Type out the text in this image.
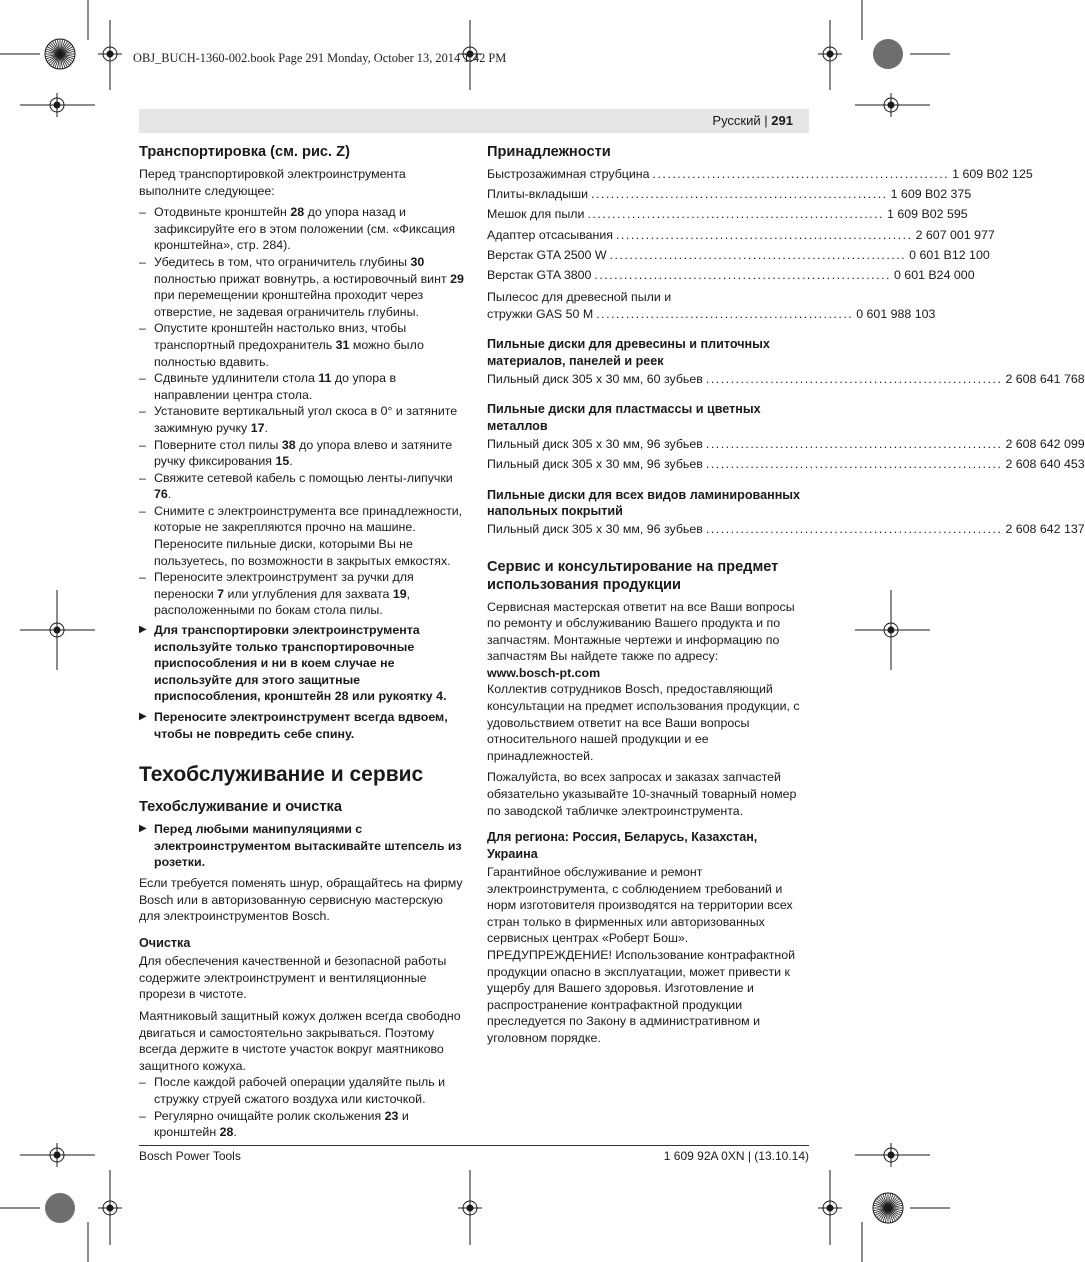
OBJ_BUCH-1360-002.book Page 291 Monday, October 13, 2014 1:42 PM
Русский | 291
Транспортировка (см. рис. Z)

Перед транспортировкой электроинструмента выполните следующее:

– Отодвиньте кронштейн 28 до упора назад и зафиксируйте его в этом положении (см. «Фиксация кронштейна», стр. 284).

– Убедитесь в том, что ограничитель глубины 30 полностью прижат вовнутрь, а юстировочный винт 29 при перемещении кронштейна проходит через отверстие, не задевая ограничитель глубины.

– Опустите кронштейн настолько вниз, чтобы транспортный предохранитель 31 можно было полностью вдавить.

– Сдвиньте удлинители стола 11 до упора в направлении центра стола.

– Установите вертикальный угол скоса в 0° и затяните зажимную ручку 17.

– Поверните стол пилы 38 до упора влево и затяните ручку фиксирования 15.

– Свяжите сетевой кабель с помощью ленты-липучки 76.

– Снимите с электроинструмента все принадлежности, которые не закрепляются прочно на машине.
Переносите пильные диски, которыми Вы не пользуетесь, по возможности в закрытых емкостях.

– Переносите электроинструмент за ручки для переноски 7 или углубления для захвата 19, расположенными по бокам стола пилы.

▶ Для транспортировки электроинструмента используйте только транспортировочные приспособления и ни в коем случае не используйте для этого защитные приспособления, кронштейн 28 или рукоятку 4.

▶ Переносите электроинструмент всегда вдвоем, чтобы не повредить себе спину.

Техобслуживание и сервис
Техобслуживание и очистка

▶ Перед любыми манипуляциями с электроинструментом вытаскивайте штепсель из розетки.

Если требуется поменять шнур, обращайтесь на фирму Bosch или в авторизованную сервисную мастерскую для электроинструментов Bosch.

Очистка

Для обеспечения качественной и безопасной работы содержите электроинструмент и вентиляционные прорези в чистоте.

Маятниковый защитный кожух должен всегда свободно двигаться и самостоятельно закрываться. Поэтому всегда держите в чистоте участок вокруг маятниково защитного кожуха.

– После каждой рабочей операции удаляйте пыль и стружку струей сжатого воздуха или кисточкой.

– Регулярно очищайте ролик скольжения 23 и кронштейн 28.

Принадлежности
Быстрозажимная струбцина ............................................................ 1 609 B02 125
Плиты-вкладыши ............................................................ 1 609 B02 375
Мешок для пыли ............................................................ 1 609 B02 595
Адаптер отсасывания ............................................................ 2 607 001 977
Верстак GTA 2500 W ............................................................ 0 601 B12 100
Верстак GTA 3800 ............................................................ 0 601 B24 000
Пылесос для древесной пыли и
стружки GAS 50 M .................................................... 0 601 988 103
Пильные диски для древесины и плиточных материалов, панелей и реек
Пильный диск 305 x 30 мм, 60 зубьев ............................................................ 2 608 641 768
Пильные диски для пластмассы и цветных металлов
Пильный диск 305 x 30 мм, 96 зубьев ............................................................ 2 608 642 099
Пильный диск 305 x 30 мм, 96 зубьев ............................................................ 2 608 640 453
Пильные диски для всех видов ламинированных напольных покрытий
Пильный диск 305 x 30 мм, 96 зубьев ............................................................ 2 608 642 137
Сервис и консультирование на предмет использования продукции

Сервисная мастерская ответит на все Ваши вопросы по ремонту и обслуживанию Вашего продукта и по запчастям. Монтажные чертежи и информацию по запчастям Вы найдете также по адресу:

www.bosch-pt.com

Коллектив сотрудников Bosch, предоставляющий консультации на предмет использования продукции, с удовольствием ответит на все Ваши вопросы относительного нашей продукции и ее принадлежностей.

Пожалуйста, во всех запросах и заказах запчастей обязательно указывайте 10-значный товарный номер по заводской табличке электроинструмента.

Для региона: Россия, Беларусь, Казахстан, Украина

Гарантийное обслуживание и ремонт электроинструмента, с соблюдением требований и норм изготовителя производятся на территории всех стран только в фирменных или авторизованных сервисных центрах «Роберт Бош».

ПРЕДУПРЕЖДЕНИЕ! Использование контрафактной продукции опасно в эксплуатации, может привести к ущербу для Вашего здоровья. Изготовление и распространение контрафактной продукции преследуется по Закону в административном и уголовном порядке.

Bosch Power Tools	1 609 92A 0XN | (13.10.14)
